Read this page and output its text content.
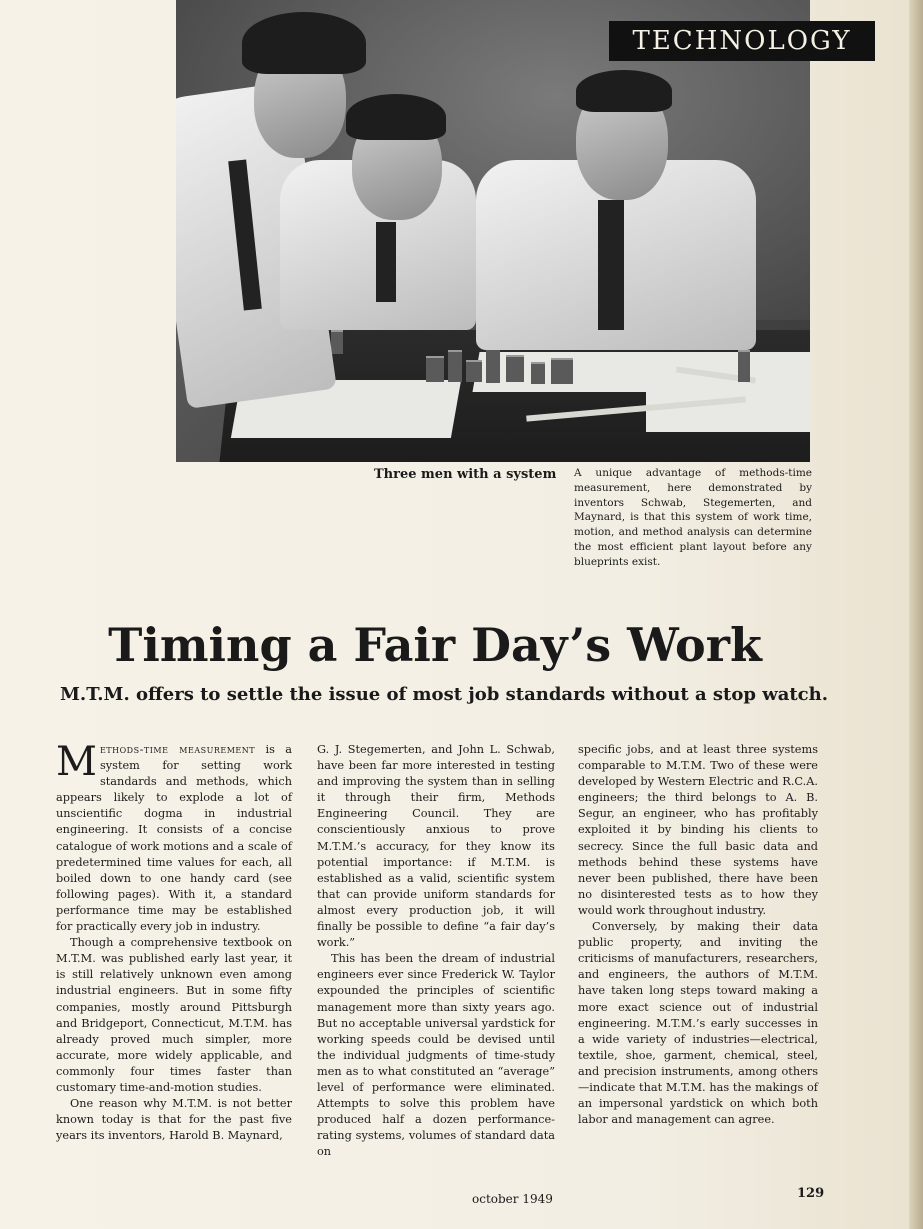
TECHNOLOGY
Three men with a system	A unique advantage of methods-time measurement, here demonstrated by inventors Schwab, Stegemerten, and Maynard, is that this system of work time, motion, and method analysis can determine the most efficient plant layout before any blueprints exist.
Timing a Fair Day’s Work
M.T.M. offers to settle the issue of most job standards without a stop watch.

Methods-time measurement is a system for setting work standards and methods, which appears likely to explode a lot of unscientific dogma in industrial engineering. It consists of a concise catalogue of work motions and a scale of predetermined time values for each, all boiled down to one handy card (see following pages). With it, a standard performance time may be established for practically every job in industry.

Though a comprehensive textbook on M.T.M. was published early last year, it is still relatively unknown even among industrial engineers. But in some fifty companies, mostly around Pittsburgh and Bridgeport, Connecticut, M.T.M. has already proved much simpler, more accurate, more widely applicable, and commonly four times faster than customary time-and-motion studies.

One reason why M.T.M. is not better known today is that for the past five years its inventors, Harold B. Maynard,

G. J. Stegemerten, and John L. Schwab, have been far more interested in testing and improving the system than in selling it through their firm, Methods Engineering Council. They are conscientiously anxious to prove M.T.M.’s accuracy, for they know its potential importance: if M.T.M. is established as a valid, scientific system that can provide uniform standards for almost every production job, it will finally be possible to define “a fair day’s work.”

This has been the dream of industrial engineers ever since Frederick W. Taylor expounded the principles of scientific management more than sixty years ago. But no acceptable universal yardstick for working speeds could be devised until the individual judgments of time-study men as to what constituted an “average” level of performance were eliminated. Attempts to solve this problem have produced half a dozen performance-rating systems, volumes of standard data on

specific jobs, and at least three systems comparable to M.T.M. Two of these were developed by Western Electric and R.C.A. engineers; the third belongs to A. B. Segur, an engineer, who has profitably exploited it by binding his clients to secrecy. Since the full basic data and methods behind these systems have never been published, there have been no disinterested tests as to how they would work throughout industry.

Conversely, by making their data public property, and inviting the criticisms of manufacturers, researchers, and engineers, the authors of M.T.M. have taken long steps toward making a more exact science out of industrial engineering. M.T.M.’s early successes in a wide variety of industries—electrical, textile, shoe, garment, chemical, steel, and precision instruments, among others—indicate that M.T.M. has the makings of an impersonal yardstick on which both labor and management can agree.

october 1949	129
